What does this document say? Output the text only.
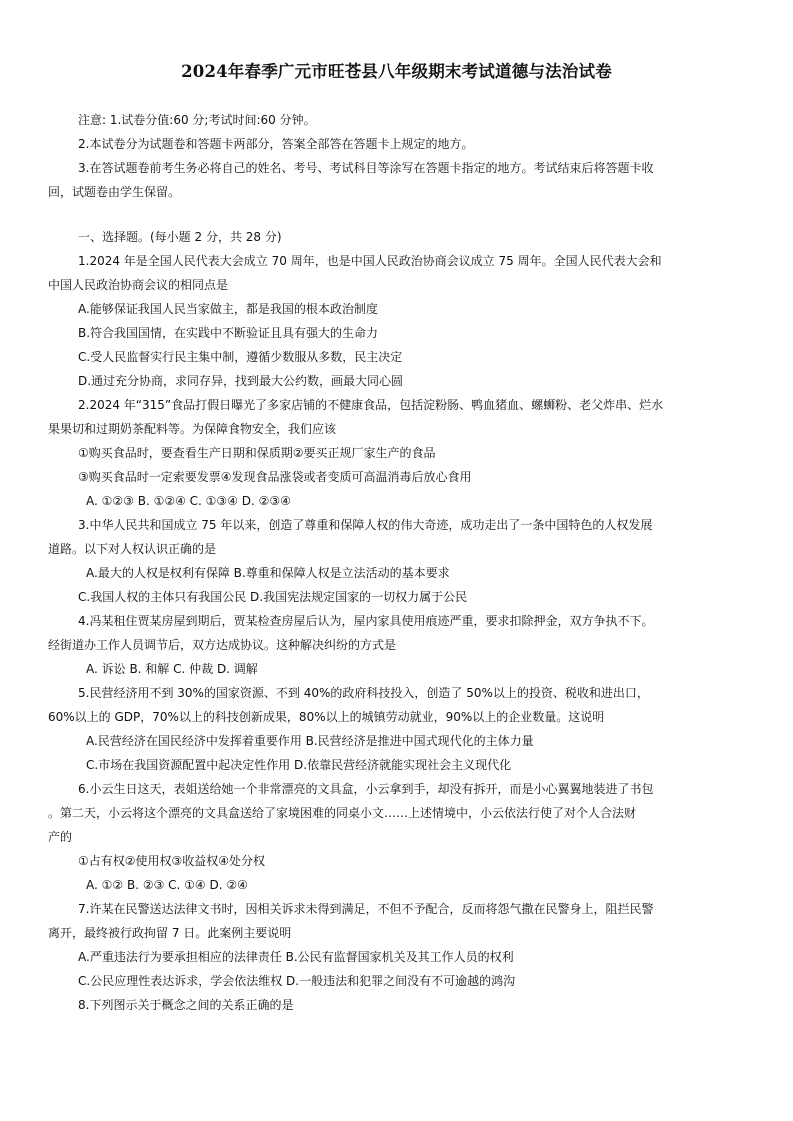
2024年春季广元市旺苍县八年级期末考试道德与法治试卷
注意: 1.试卷分值:60 分;考试时间:60 分钟。
2.本试卷分为试题卷和答题卡两部分，答案全部答在答题卡上规定的地方。
3.在答试题卷前考生务必将自己的姓名、考号、考试科目等涂写在答题卡指定的地方。考试结束后将答题卡收
回，试题卷由学生保留。
一、选择题。(每小题 2 分，共 28 分)
1.2024 年是全国人民代表大会成立 70 周年，也是中国人民政治协商会议成立 75 周年。全国人民代表大会和
中国人民政治协商会议的相同点是
A.能够保证我国人民当家做主，都是我国的根本政治制度
B.符合我国国情，在实践中不断验证且具有强大的生命力
C.受人民监督实行民主集中制，遵循少数服从多数，民主决定
D.通过充分协商，求同存异，找到最大公约数，画最大同心圆
2.2024 年“315”食品打假日曝光了多家店铺的不健康食品，包括淀粉肠、鸭血猪血、螺蛳粉、老父炸串、烂水
果果切和过期奶茶配料等。为保障食物安全，我们应该
①购买食品时，要查看生产日期和保质期②要买正规厂家生产的食品
③购买食品时一定索要发票④发现食品涨袋或者变质可高温消毒后放心食用
A. ①②③ B. ①②④ C. ①③④ D. ②③④
3.中华人民共和国成立 75 年以来，创造了尊重和保障人权的伟大奇迹，成功走出了一条中国特色的人权发展
道路。以下对人权认识正确的是
A.最大的人权是权利有保障 B.尊重和保障人权是立法活动的基本要求
C.我国人权的主体只有我国公民 D.我国宪法规定国家的一切权力属于公民
4.冯某租住贾某房屋到期后，贾某检查房屋后认为，屋内家具使用痕迹严重，要求扣除押金，双方争执不下。
经街道办工作人员调节后，双方达成协议。这种解决纠纷的方式是
A. 诉讼 B. 和解 C. 仲裁 D. 调解
5.民营经济用不到 30%的国家资源、不到 40%的政府科技投入，创造了 50%以上的投资、税收和进出口，
60%以上的 GDP，70%以上的科技创新成果，80%以上的城镇劳动就业，90%以上的企业数量。这说明
A.民营经济在国民经济中发挥着重要作用 B.民营经济是推进中国式现代化的主体力量
C.市场在我国资源配置中起决定性作用 D.依靠民营经济就能实现社会主义现代化
6.小云生日这天，表姐送给她一个非常漂亮的文具盒，小云拿到手，却没有拆开，而是小心翼翼地装进了书包
。第二天，小云将这个漂亮的文具盒送给了家境困难的同桌小文……上述情境中，小云依法行使了对个人合法财
产的
①占有权②使用权③收益权④处分权
A. ①② B. ②③ C. ①④ D. ②④
7.许某在民警送达法律文书时，因相关诉求未得到满足，不但不予配合，反而将怨气撒在民警身上，阻拦民警
离开，最终被行政拘留 7 日。此案例主要说明
A.严重违法行为要承担相应的法律责任 B.公民有监督国家机关及其工作人员的权利
C.公民应理性表达诉求，学会依法维权 D.一般违法和犯罪之间没有不可逾越的鸿沟
8.下列图示关于概念之间的关系正确的是
